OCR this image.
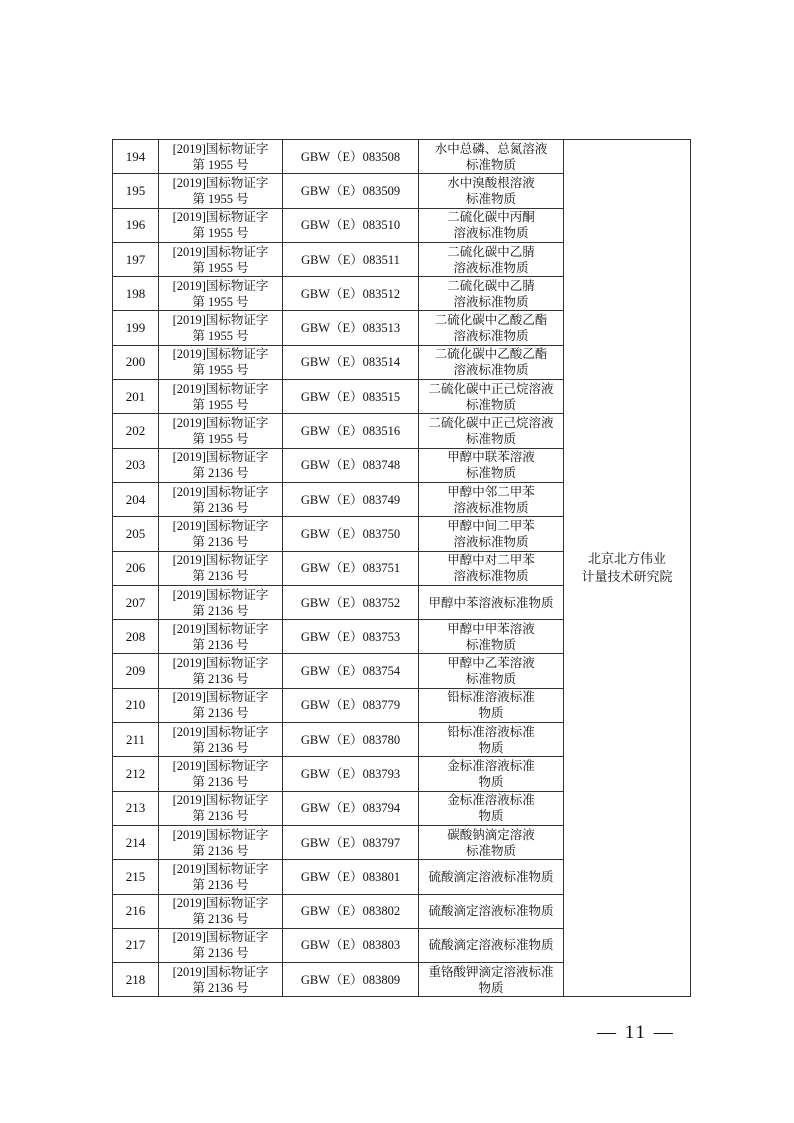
194	[2019]国标物证字
第 1955 号	GBW（E）083508	水中总磷、总氮溶液
标准物质	北京北方伟业
计量技术研究院
195	[2019]国标物证字
第 1955 号	GBW（E）083509	水中溴酸根溶液
标准物质	
196	[2019]国标物证字
第 1955 号	GBW（E）083510	二硫化碳中丙酮
溶液标准物质	
197	[2019]国标物证字
第 1955 号	GBW（E）083511	二硫化碳中乙腈
溶液标准物质	
198	[2019]国标物证字
第 1955 号	GBW（E）083512	二硫化碳中乙腈
溶液标准物质	
199	[2019]国标物证字
第 1955 号	GBW（E）083513	二硫化碳中乙酸乙酯
溶液标准物质	
200	[2019]国标物证字
第 1955 号	GBW（E）083514	二硫化碳中乙酸乙酯
溶液标准物质	
201	[2019]国标物证字
第 1955 号	GBW（E）083515	二硫化碳中正己烷溶液
标准物质	
202	[2019]国标物证字
第 1955 号	GBW（E）083516	二硫化碳中正己烷溶液
标准物质	
203	[2019]国标物证字
第 2136 号	GBW（E）083748	甲醇中联苯溶液
标准物质	
204	[2019]国标物证字
第 2136 号	GBW（E）083749	甲醇中邻二甲苯
溶液标准物质	
205	[2019]国标物证字
第 2136 号	GBW（E）083750	甲醇中间二甲苯
溶液标准物质	
206	[2019]国标物证字
第 2136 号	GBW（E）083751	甲醇中对二甲苯
溶液标准物质	
207	[2019]国标物证字
第 2136 号	GBW（E）083752	甲醇中苯溶液标准物质	
208	[2019]国标物证字
第 2136 号	GBW（E）083753	甲醇中甲苯溶液
标准物质	
209	[2019]国标物证字
第 2136 号	GBW（E）083754	甲醇中乙苯溶液
标准物质	
210	[2019]国标物证字
第 2136 号	GBW（E）083779	铅标准溶液标准
物质	
211	[2019]国标物证字
第 2136 号	GBW（E）083780	铅标准溶液标准
物质	
212	[2019]国标物证字
第 2136 号	GBW（E）083793	金标准溶液标准
物质	
213	[2019]国标物证字
第 2136 号	GBW（E）083794	金标准溶液标准
物质	
214	[2019]国标物证字
第 2136 号	GBW（E）083797	碳酸钠滴定溶液
标准物质	
215	[2019]国标物证字
第 2136 号	GBW（E）083801	硫酸滴定溶液标准物质	
216	[2019]国标物证字
第 2136 号	GBW（E）083802	硫酸滴定溶液标准物质	
217	[2019]国标物证字
第 2136 号	GBW（E）083803	硫酸滴定溶液标准物质	
218	[2019]国标物证字
第 2136 号	GBW（E）083809	重铬酸钾滴定溶液标准
物质	
— 11 —
